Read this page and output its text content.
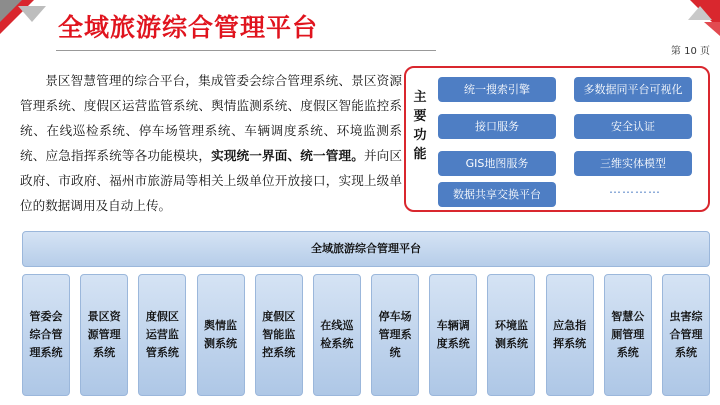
全域旅游综合管理平台
第 10 页
景区智慧管理的综合平台，集成管委会综合管理系统、景区资源管理系统、度假区运营监管系统、舆情监测系统、度假区智能监控系统、在线巡检系统、停车场管理系统、车辆调度系统、环境监测系统、应急指挥系统等各功能模块，实现统一界面、统一管理。并向区政府、市政府、福州市旅游局等相关上级单位开放接口，实现上级单位的数据调用及自动上传。
主要功能
统一搜索引擎	多数据同平台可视化
接口服务	安全认证
GIS地图服务	三维实体模型
数据共享交换平台	…………
全域旅游综合管理平台
管委会综合管理系统
景区资源管理系统
度假区运营监管系统
舆情监测系统
度假区智能监控系统
在线巡检系统
停车场管理系统
车辆调度系统
环境监测系统
应急指挥系统
智慧公厕管理系统
虫害综合管理系统
